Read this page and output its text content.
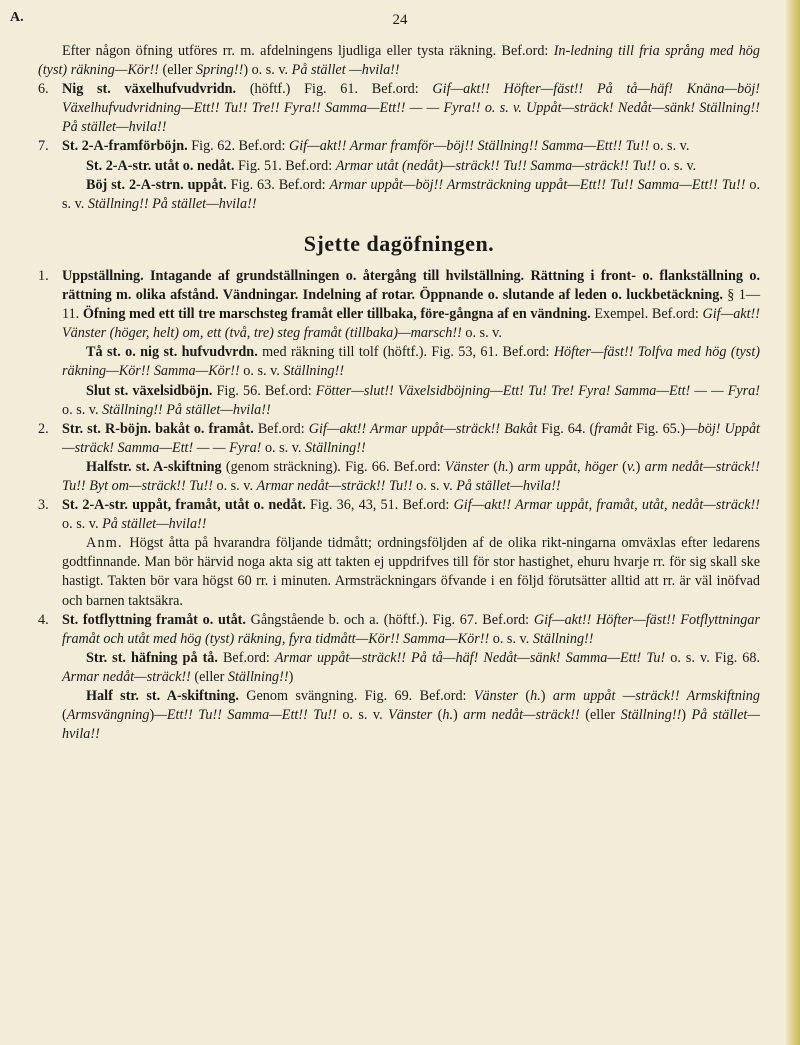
A.	24

Efter någon öfning utföres rr. m. afdelningens ljudliga eller tysta räkning. Bef.ord: In-ledning till fria språng med hög (tyst) räkning—Kör!! (eller Spring!!) o. s. v. På stället —hvila!!

6. Nig st. växelhufvudvridn. (höftf.) Fig. 61. Bef.ord: Gif—akt!! Höfter—fäst!! På tå—häf! Knäna—böj! Växelhufvudvridning—Ett!! Tu!! Tre!! Fyra!! Samma—Ett!! — — Fyra!! o. s. v. Uppåt—sträck! Nedåt—sänk! Ställning!! På stället—hvila!!

7. St. 2-A-framförböjn. Fig. 62. Bef.ord: Gif—akt!! Armar framför—böj!! Ställning!! Samma—Ett!! Tu!! o. s. v.

St. 2-A-str. utåt o. nedåt. Fig. 51. Bef.ord: Armar utåt (nedåt)—sträck!! Tu!! Samma—sträck!! Tu!! o. s. v.

Böj st. 2-A-strn. uppåt. Fig. 63. Bef.ord: Armar uppåt—böj!! Armsträckning uppåt—Ett!! Tu!! Samma—Ett!! Tu!! o. s. v. Ställning!! På stället—hvila!!

Sjette dagöfningen.

1. Uppställning. Intagande af grundställningen o. återgång till hvilställning. Rättning i front- o. flankställning o. rättning m. olika afstånd. Vändningar. Indelning af rotar. Öppnande o. slutande af leden o. luckbetäckning. § 1—11. Öfning med ett till tre marschsteg framåt eller tillbaka, före-gångna af en vändning. Exempel. Bef.ord: Gif—akt!! Vänster (höger, helt) om, ett (två, tre) steg framåt (tillbaka)—marsch!! o. s. v.

Tå st. o. nig st. hufvudvrdn. med räkning till tolf (höftf.). Fig. 53, 61. Bef.ord: Höfter—fäst!! Tolfva med hög (tyst) räkning—Kör!! Samma—Kör!! o. s. v. Ställning!!

Slut st. växelsidböjn. Fig. 56. Bef.ord: Fötter—slut!! Växelsidböjning—Ett! Tu! Tre! Fyra! Samma—Ett! — — Fyra! o. s. v. Ställning!! På stället—hvila!!

2. Str. st. R-böjn. bakåt o. framåt. Bef.ord: Gif—akt!! Armar uppåt—sträck!! Bakåt Fig. 64. (framåt Fig. 65.)—böj! Uppåt—sträck! Samma—Ett! — — Fyra! o. s. v. Ställning!!

Halfstr. st. A-skiftning (genom sträckning). Fig. 66. Bef.ord: Vänster (h.) arm uppåt, höger (v.) arm nedåt—sträck!! Tu!! Byt om—sträck!! Tu!! o. s. v. Armar nedåt—sträck!! Tu!! o. s. v. På stället—hvila!!

3. St. 2-A-str. uppåt, framåt, utåt o. nedåt. Fig. 36, 43, 51. Bef.ord: Gif—akt!! Armar uppåt, framåt, utåt, nedåt—sträck!! o. s. v. På stället—hvila!!

Anm. Högst åtta på hvarandra följande tidmått; ordningsföljden af de olika rikt-ningarna omväxlas efter ledarens godtfinnande. Man bör härvid noga akta sig att takten ej uppdrifves till för stor hastighet, ehuru hvarje rr. för sig skall ske hastigt. Takten bör vara högst 60 rr. i minuten. Armsträckningars öfvande i en följd förutsätter alltid att rr. är väl inöfvad och barnen taktsäkra.

4. St. fotflyttning framåt o. utåt. Gångstående b. och a. (höftf.). Fig. 67. Bef.ord: Gif—akt!! Höfter—fäst!! Fotflyttningar framåt och utåt med hög (tyst) räkning, fyra tidmått—Kör!! Samma—Kör!! o. s. v. Ställning!!

Str. st. häfning på tå. Bef.ord: Armar uppåt—sträck!! På tå—häf! Nedåt—sänk! Samma—Ett! Tu! o. s. v. Fig. 68. Armar nedåt—sträck!! (eller Ställning!!)

Half str. st. A-skiftning. Genom svängning. Fig. 69. Bef.ord: Vänster (h.) arm uppåt —sträck!! Armskiftning (Armsvängning)—Ett!! Tu!! Samma—Ett!! Tu!! o. s. v. Vänster (h.) arm nedåt—sträck!! (eller Ställning!!) På stället—hvila!!
